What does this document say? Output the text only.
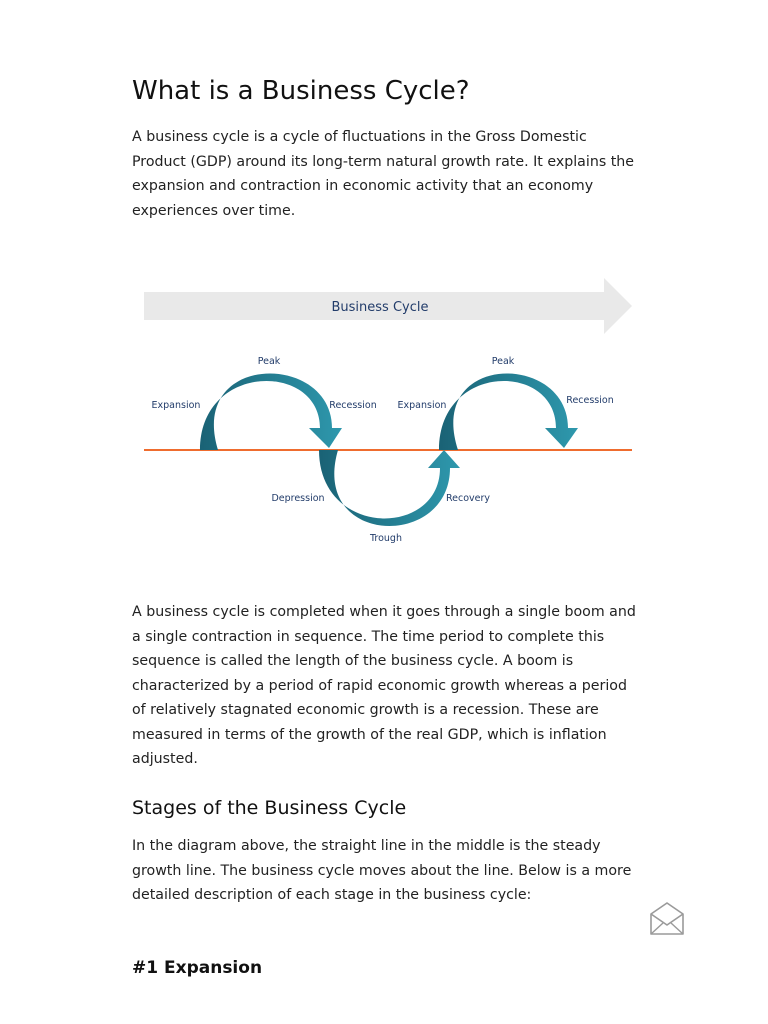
What is a Business Cycle?

A business cycle is a cycle of fluctuations in the Gross Domestic Product (GDP) around its long-term natural growth rate. It explains the expansion and contraction in economic activity that an economy experiences over time.

A business cycle is completed when it goes through a single boom and a single contraction in sequence. The time period to complete this sequence is called the length of the business cycle. A boom is characterized by a period of rapid economic growth whereas a period of relatively stagnated economic growth is a recession. These are measured in terms of the growth of the real GDP, which is inflation adjusted.

Stages of the Business Cycle

In the diagram above, the straight line in the middle is the steady growth line. The business cycle moves about the line. Below is a more detailed description of each stage in the business cycle:

#1 Expansion
Business Cycle
Expansion
Peak
Recession
Depression
Trough
Recovery
Expansion
Peak
Recession
